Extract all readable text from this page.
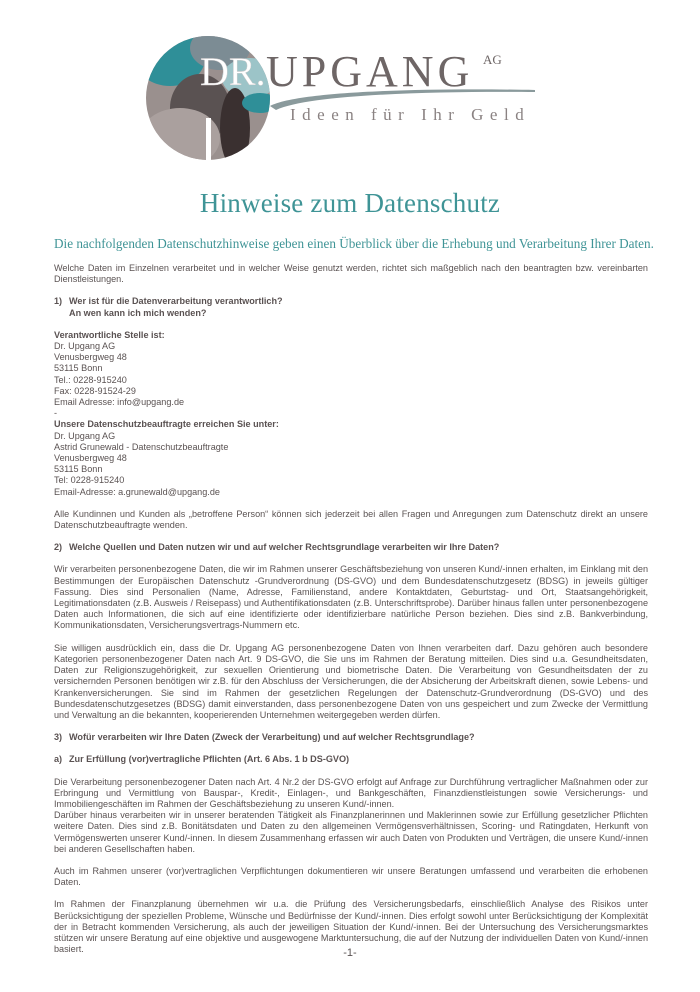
DR. UPGANG AG
Ideen für Ihr Geld
Hinweise zum Datenschutz
Die nachfolgenden Datenschutzhinweise geben einen Überblick über die Erhebung und Verarbeitung Ihrer Daten.

Welche Daten im Einzelnen verarbeitet und in welcher Weise genutzt werden, richtet sich maßgeblich nach den beantragten bzw. vereinbarten Dienstleistungen.

1) Wer ist für die Datenverarbeitung verantwortlich?
An wen kann ich mich wenden?
Verantwortliche Stelle ist:
Dr. Upgang AG
Venusbergweg 48
53115 Bonn
Tel.: 0228-915240
Fax: 0228-91524-29
Email Adresse: info@upgang.de
-
Unsere Datenschutzbeauftragte erreichen Sie unter:
Dr. Upgang AG
Astrid Grunewald - Datenschutzbeauftragte
Venusbergweg 48
53115 Bonn
Tel: 0228-915240
Email-Adresse: a.grunewald@upgang.de

Alle Kundinnen und Kunden als „betroffene Person“ können sich jederzeit bei allen Fragen und Anregungen zum Datenschutz direkt an unsere Datenschutzbeauftragte wenden.

2) Welche Quellen und Daten nutzen wir und auf welcher Rechtsgrundlage verarbeiten wir Ihre Daten?

Wir verarbeiten personenbezogene Daten, die wir im Rahmen unserer Geschäftsbeziehung von unseren Kund/-innen erhalten, im Einklang mit den Bestimmungen der Europäischen Datenschutz -Grundverordnung (DS-GVO) und dem Bundesdatenschutzgesetz (BDSG) in jeweils gültiger Fassung. Dies sind Personalien (Name, Adresse, Familienstand, andere Kontaktdaten, Geburtstag- und Ort, Staatsangehörigkeit, Legitimationsdaten (z.B. Ausweis / Reisepass) und Authentifikationsdaten (z.B. Unterschriftsprobe). Darüber hinaus fallen unter personenbezogene Daten auch Informationen, die sich auf eine identifizierte oder identifizierbare natürliche Person beziehen. Dies sind z.B. Bankverbindung, Kommunikationsdaten, Versicherungsvertrags-Nummern etc.

Sie willigen ausdrücklich ein, dass die Dr. Upgang AG personenbezogene Daten von Ihnen verarbeiten darf. Dazu gehören auch besondere Kategorien personenbezogener Daten nach Art. 9 DS-GVO, die Sie uns im Rahmen der Beratung mitteilen. Dies sind u.a. Gesundheitsdaten, Daten zur Religionszugehörigkeit, zur sexuellen Orientierung und biometrische Daten. Die Verarbeitung von Gesundheitsdaten der zu versichernden Personen benötigen wir z.B. für den Abschluss der Versicherungen, die der Absicherung der Arbeitskraft dienen, sowie Lebens- und Krankenversicherungen. Sie sind im Rahmen der gesetzlichen Regelungen der Datenschutz-Grundverordnung (DS-GVO) und des Bundesdatenschutzgesetzes (BDSG) damit einverstanden, dass personenbezogene Daten von uns gespeichert und zum Zwecke der Vermittlung und Verwaltung an die bekannten, kooperierenden Unternehmen weitergegeben werden dürfen.

3) Wofür verarbeiten wir Ihre Daten (Zweck der Verarbeitung) und auf welcher Rechtsgrundlage?
a) Zur Erfüllung (vor)vertragliche Pflichten (Art. 6 Abs. 1 b DS-GVO)
Die Verarbeitung personenbezogener Daten nach Art. 4 Nr.2 der DS-GVO erfolgt auf Anfrage zur Durchführung vertraglicher Maßnahmen oder zur Erbringung und Vermittlung von Bauspar-, Kredit-, Einlagen-, und Bankgeschäften, Finanzdienstleistungen sowie Versicherungs- und Immobiliengeschäften im Rahmen der Geschäftsbeziehung zu unseren Kund/-innen.
Darüber hinaus verarbeiten wir in unserer beratenden Tätigkeit als Finanzplanerinnen und Maklerinnen sowie zur Erfüllung gesetzlicher Pflichten weitere Daten. Dies sind z.B. Bonitätsdaten und Daten zu den allgemeinen Vermögensverhältnissen, Scoring- und Ratingdaten, Herkunft von Vermögenswerten unserer Kund/-innen. In diesem Zusammenhang erfassen wir auch Daten von Produkten und Verträgen, die unsere Kund/-innen bei anderen Gesellschaften haben.

Auch im Rahmen unserer (vor)vertraglichen Verpflichtungen dokumentieren wir unsere Beratungen umfassend und verarbeiten die erhobenen Daten.

Im Rahmen der Finanzplanung übernehmen wir u.a. die Prüfung des Versicherungsbedarfs, einschließlich Analyse des Risikos unter Berücksichtigung der speziellen Probleme, Wünsche und Bedürfnisse der Kund/-innen. Dies erfolgt sowohl unter Berücksichtigung der Komplexität der in Betracht kommenden Versicherung, als auch der jeweiligen Situation der Kund/-innen. Bei der Untersuchung des Versicherungsmarktes stützen wir unsere Beratung auf eine objektive und ausgewogene Marktuntersuchung, die auf der Nutzung der individuellen Daten von Kund/-innen basiert.	-1-
